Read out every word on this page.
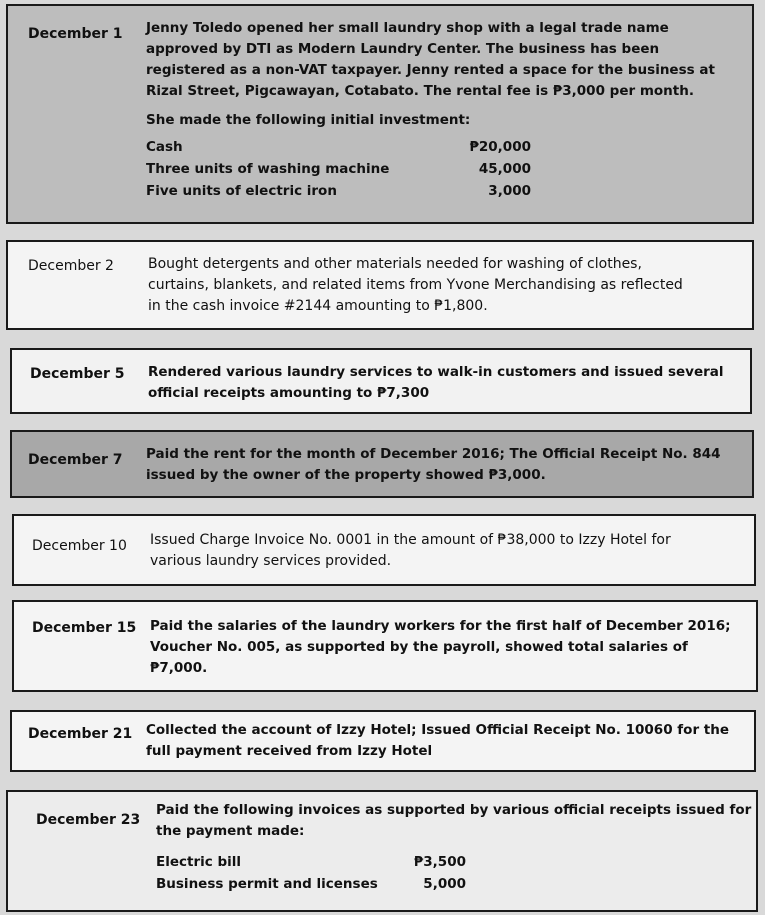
December 1 Jenny Toledo opened her small laundry shop with a legal trade name
approved by DTI as Modern Laundry Center. The business has been
registered as a non-VAT taxpayer. Jenny rented a space for the business at
Rizal Street, Pigcawayan, Cotabato. The rental fee is ₱3,000 per month.
She made the following initial investment:
Cash	₱20,000
Three units of washing machine	45,000
Five units of electric iron	3,000
December 2 Bought detergents and other materials needed for washing of clothes,
curtains, blankets, and related items from Yvone Merchandising as reflected
in the cash invoice #2144 amounting to ₱1,800.
December 5 Rendered various laundry services to walk-in customers and issued several
official receipts amounting to ₱7,300
December 7 Paid the rent for the month of December 2016; The Official Receipt No. 844
issued by the owner of the property showed ₱3,000.
December 10 Issued Charge Invoice No. 0001 in the amount of ₱38,000 to Izzy Hotel for
various laundry services provided.
December 15 Paid the salaries of the laundry workers for the first half of December 2016;
Voucher No. 005, as supported by the payroll, showed total salaries of
₱7,000.
December 21 Collected the account of Izzy Hotel; Issued Official Receipt No. 10060 for the
full payment received from Izzy Hotel
December 23
Paid the following invoices as supported by various official receipts issued for
the payment made:
Electric bill	₱3,500
Business permit and licenses	5,000
